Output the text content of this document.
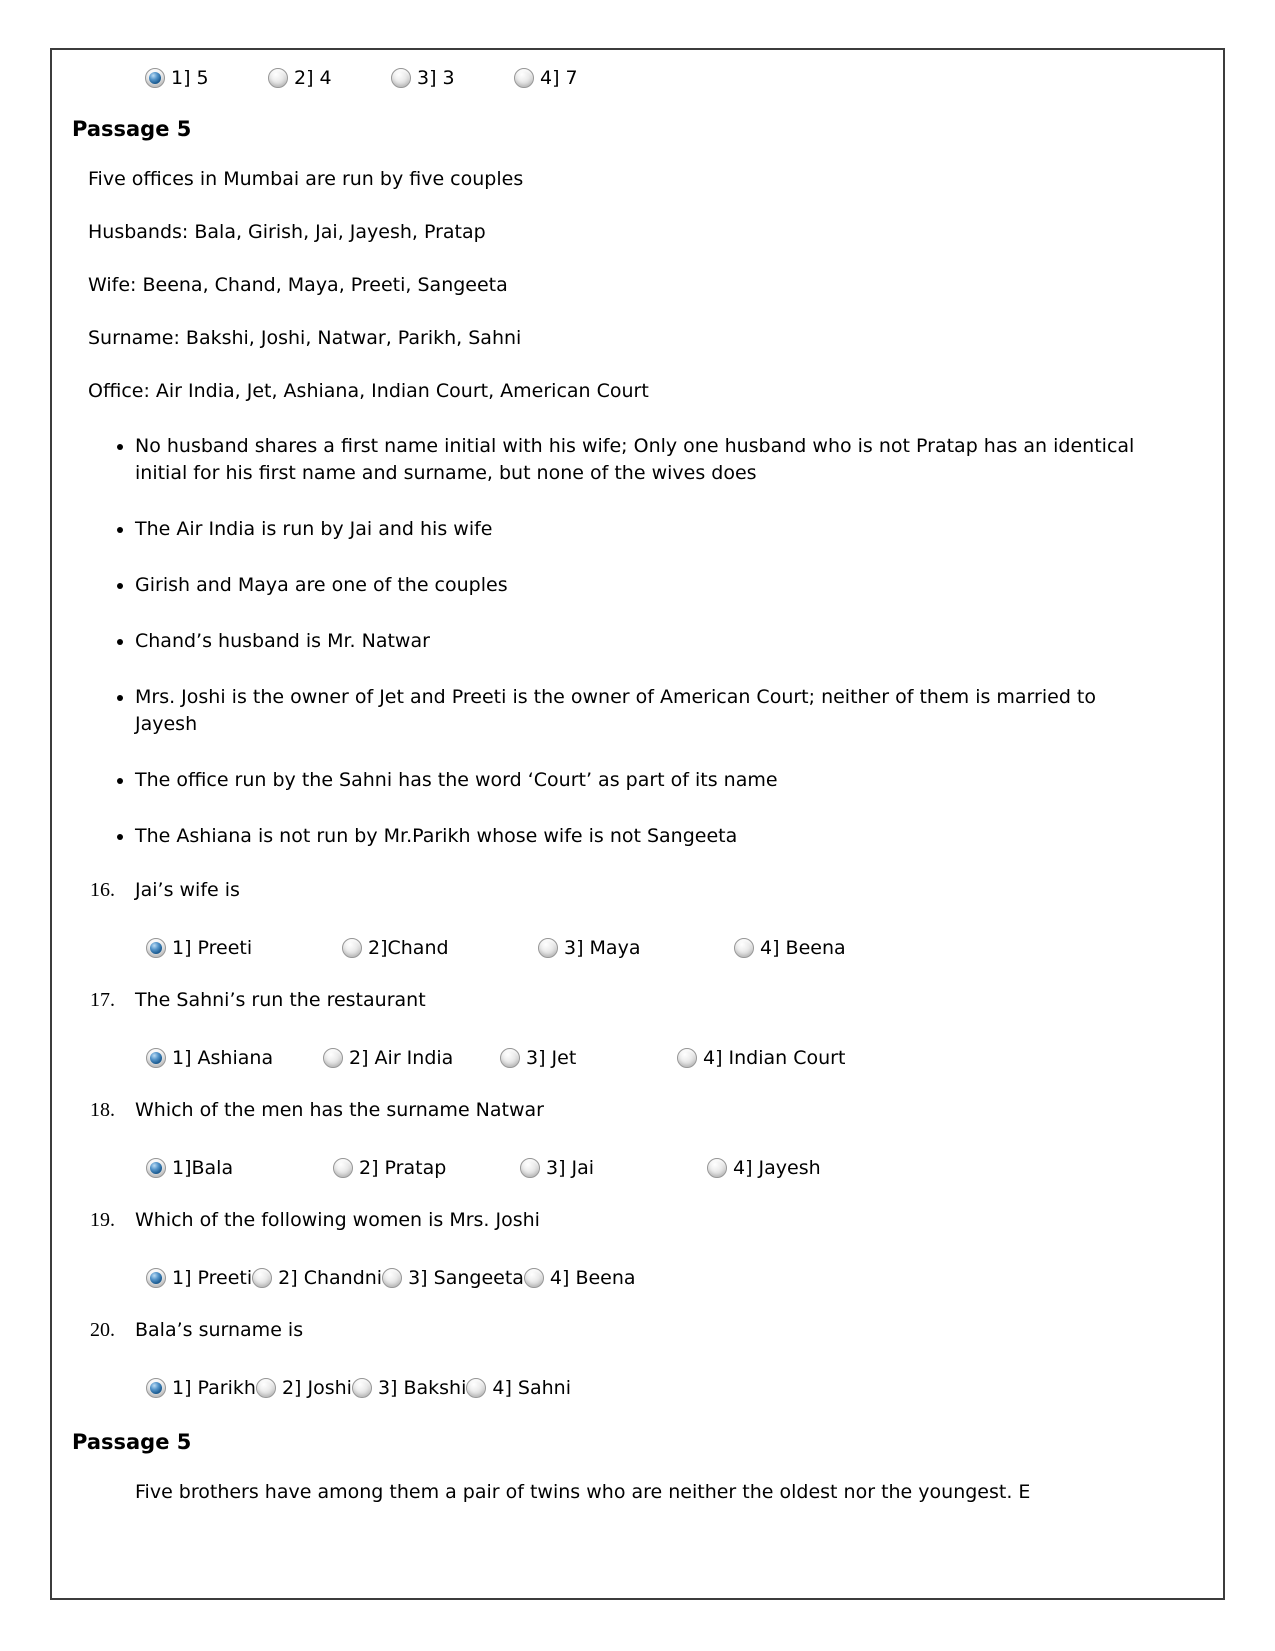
1] 5	2] 4	3] 3	4] 7
Passage 5

Five offices in Mumbai are run by five couples

Husbands: Bala, Girish, Jai, Jayesh, Pratap

Wife: Beena, Chand, Maya, Preeti, Sangeeta

Surname: Bakshi, Joshi, Natwar, Parikh, Sahni

Office: Air India, Jet, Ashiana, Indian Court, American Court

• No husband shares a first name initial with his wife; Only one husband who is not Pratap has an identical initial for his first name and surname, but none of the wives does
• The Air India is run by Jai and his wife
• Girish and Maya are one of the couples
• Chand’s husband is Mr. Natwar
• Mrs. Joshi is the owner of Jet and Preeti is the owner of American Court; neither of them is married to Jayesh
• The office run by the Sahni has the word ‘Court’ as part of its name
• The Ashiana is not run by Mr.Parikh whose wife is not Sangeeta
16.	Jai’s wife is
1] Preeti	2]Chand	3] Maya	4] Beena
17.	The Sahni’s run the restaurant
1] Ashiana	2] Air India	3] Jet	4] Indian Court
18.	Which of the men has the surname Natwar
1]Bala	2] Pratap	3] Jai	4] Jayesh
19.	Which of the following women is Mrs. Joshi
1] Preeti 2] Chandni 3] Sangeeta 4] Beena
20.	Bala’s surname is
1] Parikh 2] Joshi 3] Bakshi 4] Sahni
Passage 5

Five brothers have among them a pair of twins who are neither the oldest nor the youngest. E
